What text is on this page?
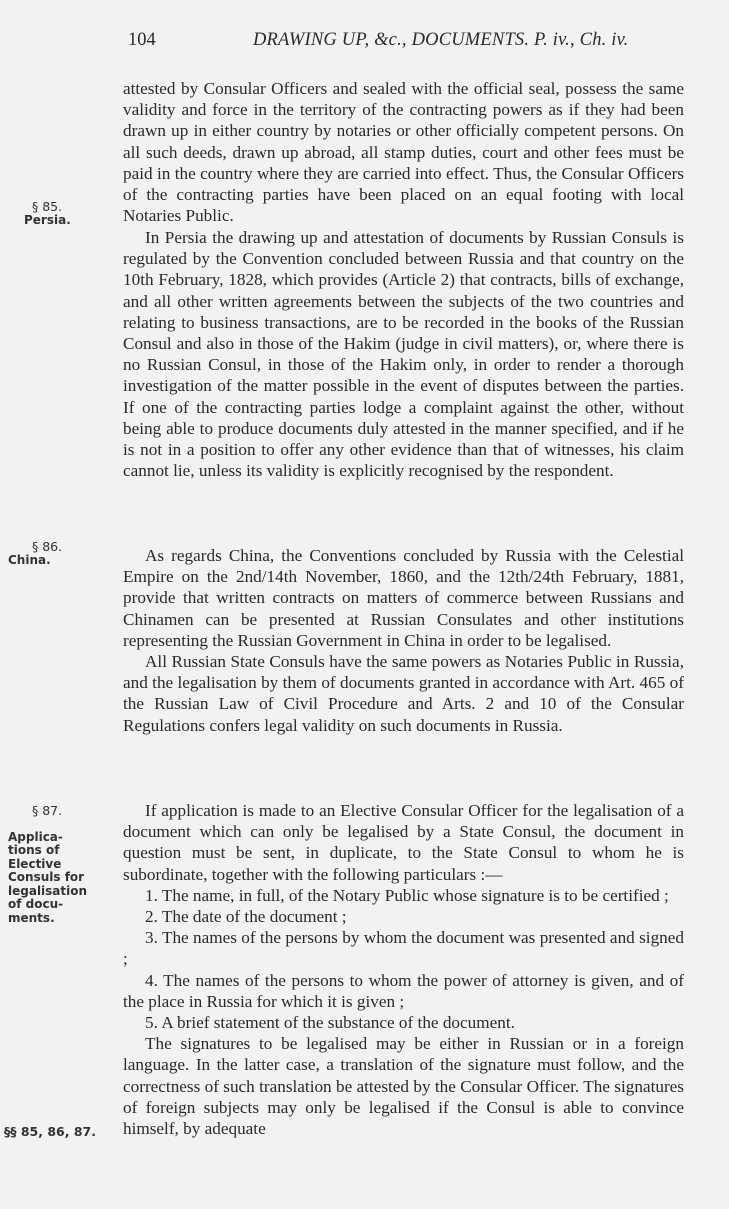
104	DRAWING UP, &c., DOCUMENTS. P. iv., Ch. iv.
§ 85.
Persia.
§ 86.
China.

§ 87.

Applica-
tions of
Elective
Consuls for
legalisation
of docu-
ments.

attested by Consular Officers and sealed with the official seal, possess the same validity and force in the territory of the contracting powers as if they had been drawn up in either country by notaries or other officially competent persons. On all such deeds, drawn up abroad, all stamp duties, court and other fees must be paid in the country where they are carried into effect. Thus, the Consular Officers of the contracting parties have been placed on an equal footing with local Notaries Public.

In Persia the drawing up and attestation of documents by Russian Consuls is regulated by the Convention concluded between Russia and that country on the 10th February, 1828, which provides (Article 2) that contracts, bills of exchange, and all other written agreements between the subjects of the two countries and relating to business transactions, are to be recorded in the books of the Russian Consul and also in those of the Hakim (judge in civil matters), or, where there is no Russian Consul, in those of the Hakim only, in order to render a thorough investigation of the matter possible in the event of disputes between the parties. If one of the contracting parties lodge a complaint against the other, without being able to produce documents duly attested in the manner specified, and if he is not in a position to offer any other evidence than that of witnesses, his claim cannot lie, unless its validity is explicitly recognised by the respondent.

As regards China, the Conventions concluded by Russia with the Celestial Empire on the 2nd/14th November, 1860, and the 12th/24th February, 1881, provide that written contracts on matters of commerce between Russians and Chinamen can be presented at Russian Consulates and other institutions representing the Russian Government in China in order to be legalised.

All Russian State Consuls have the same powers as Notaries Public in Russia, and the legalisation by them of documents granted in accordance with Art. 465 of the Russian Law of Civil Procedure and Arts. 2 and 10 of the Consular Regulations confers legal validity on such documents in Russia.

If application is made to an Elective Consular Officer for the legalisation of a document which can only be legalised by a State Consul, the document in question must be sent, in duplicate, to the State Consul to whom he is subordinate, together with the following particulars :—

1. The name, in full, of the Notary Public whose signature is to be certified ;

2. The date of the document ;

3. The names of the persons by whom the document was presented and signed ;

4. The names of the persons to whom the power of attorney is given, and of the place in Russia for which it is given ;

5. A brief statement of the substance of the document.

The signatures to be legalised may be either in Russian or in a foreign language. In the latter case, a translation of the signature must follow, and the correctness of such translation be attested by the Consular Officer. The signatures of foreign subjects may only be legalised if the Consul is able to convince himself, by adequate

§§ 85, 86, 87.
